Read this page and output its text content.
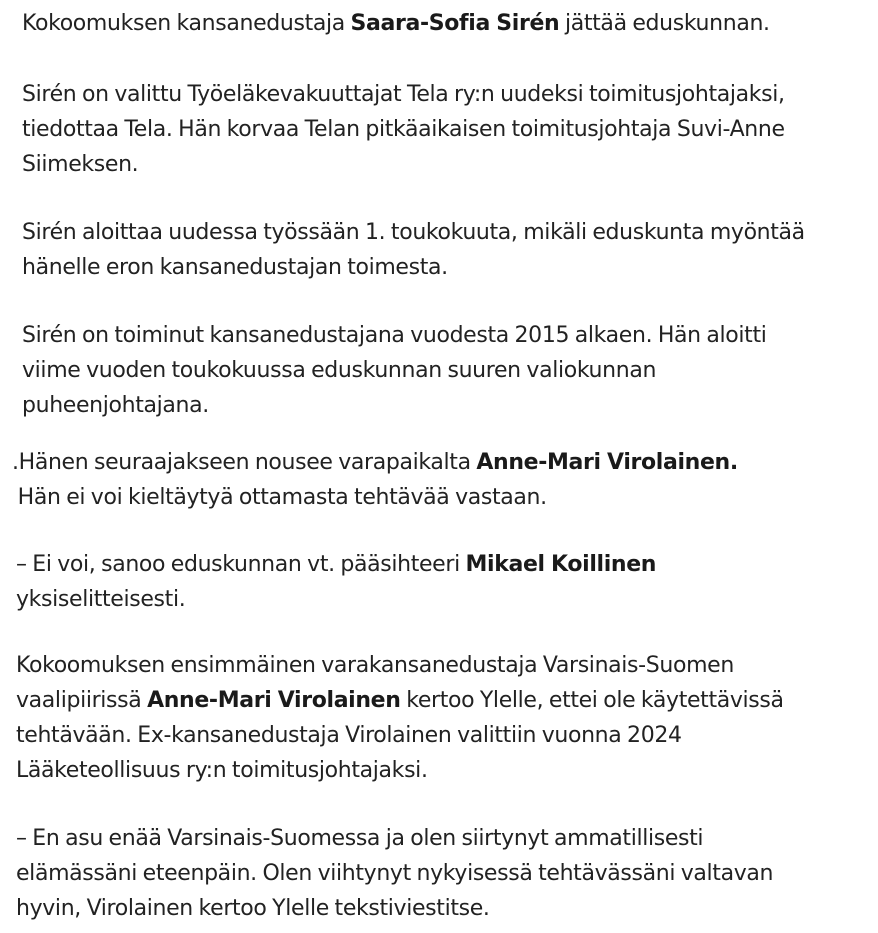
Kokoomuksen kansanedustaja Saara-Sofia Sirén jättää eduskunnan.

Sirén on valittu Työeläkevakuuttajat Tela ry:n uudeksi toimitusjohtajaksi,
tiedottaa Tela. Hän korvaa Telan pitkäaikaisen toimitusjohtaja Suvi-Anne
Siimeksen.

Sirén aloittaa uudessa työssään 1. toukokuuta, mikäli eduskunta myöntää
hänelle eron kansanedustajan toimesta.

Sirén on toiminut kansanedustajana vuodesta 2015 alkaen. Hän aloitti
viime vuoden toukokuussa eduskunnan suuren valiokunnan
puheenjohtajana.

.Hänen seuraajakseen nousee varapaikalta Anne-Mari Virolainen.
Hän ei voi kieltäytyä ottamasta tehtävää vastaan.

– Ei voi, sanoo eduskunnan vt. pääsihteeri Mikael Koillinen
yksiselitteisesti.

Kokoomuksen ensimmäinen varakansanedustaja Varsinais-Suomen
vaalipiirissä Anne-Mari Virolainen kertoo Ylelle, ettei ole käytettävissä
tehtävään. Ex-kansanedustaja Virolainen valittiin vuonna 2024
Lääketeollisuus ry:n toimitusjohtajaksi.

– En asu enää Varsinais-Suomessa ja olen siirtynyt ammatillisesti
elämässäni eteenpäin. Olen viihtynyt nykyisessä tehtävässäni valtavan
hyvin, Virolainen kertoo Ylelle tekstiviestitse.
